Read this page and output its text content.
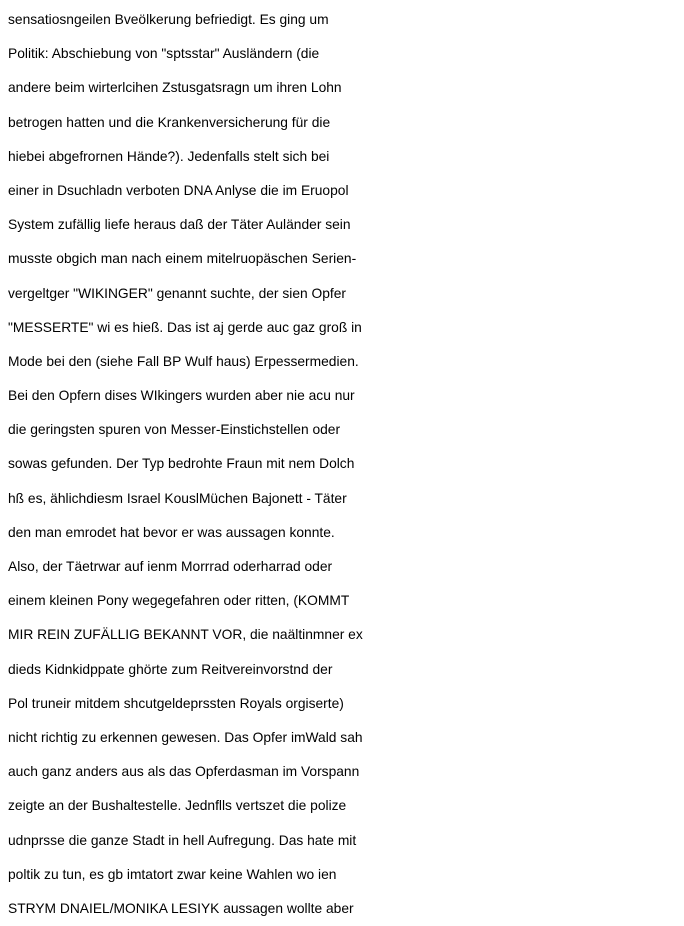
sensatiosngeilen Bveölkerung befriedigt. Es ging um
Politik: Abschiebung von "sptsstar" Ausländern (die
andere beim wirterlcihen Zstusgatsragn um ihren Lohn
betrogen hatten und die Krankenversicherung für die
hiebei abgefrornen Hände?). Jedenfalls stelt sich bei
einer in Dsuchladn verboten DNA Anlyse die im Eruopol
System zufällig liefe heraus daß der Täter Auländer sein
musste obgich man nach einem mitelruopäschen Serien-
vergeltger "WIKINGER" genannt suchte, der sien Opfer
"MESSERTE" wi es hieß. Das ist aj gerde auc gaz groß in
Mode bei den (siehe Fall BP Wulf haus) Erpessermedien.
Bei den Opfern dises WIkingers wurden aber nie acu nur
die geringsten spuren von Messer-Einstichstellen oder
sowas gefunden. Der Typ bedrohte Fraun mit nem Dolch
hß es, ählichdiesm Israel KouslMüchen Bajonett - Täter
den man emrodet hat bevor er was aussagen konnte.
Also, der Täetrwar auf ienm Morrrad oderharrad oder
einem kleinen Pony wegegefahren oder ritten, (KOMMT
MIR REIN ZUFÄLLIG BEKANNT VOR, die naältinmner ex
dieds Kidnkidppate ghörte zum Reitvereinvorstnd der
Pol truneir mitdem shcutgeldeprssten Royals orgiserte)
nicht richtig zu erkennen gewesen. Das Opfer imWald sah
auch ganz anders aus als das Opferdasman im Vorspann
zeigte an der Bushaltestelle. Jednflls vertszet die polize
udnprsse die ganze Stadt in hell Aufregung. Das hate mit
poltik zu tun, es gb imtatort zwar keine Wahlen wo ien
STRYM DNAIEL/MONIKA LESIYK aussagen wollte aber
